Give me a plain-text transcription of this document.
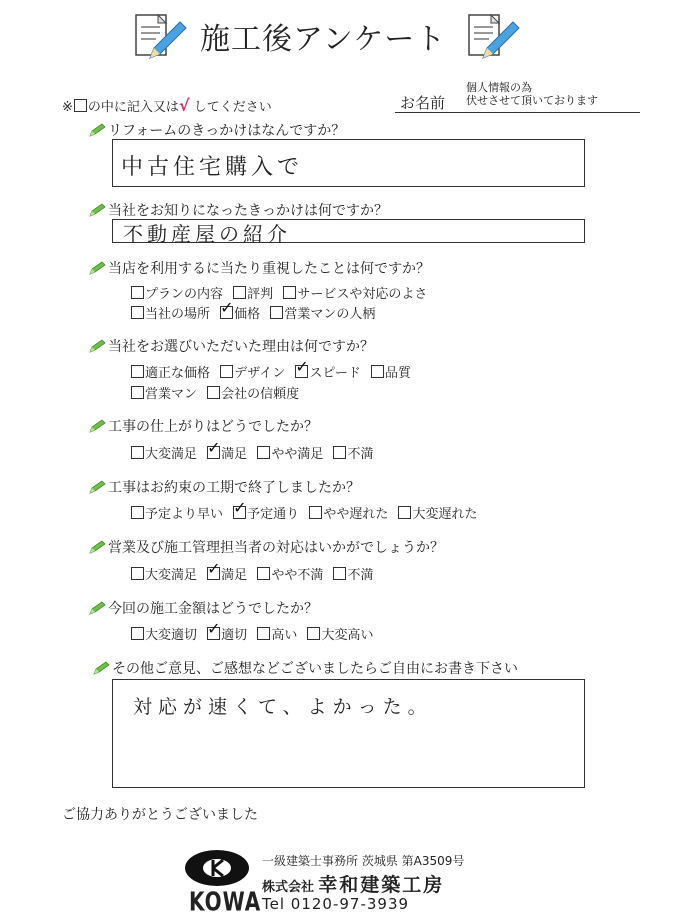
施工後アンケート
※ の中に記入又は√ してください	お名前
個人情報の為
伏せさせて頂いております
リフォームのきっかけはなんですか？
中古住宅購入で
当社をお知りになったきっかけは何ですか？
不動産屋の紹介
当店を利用するに当たり重視したことは何ですか？
プランの内容 評判 サービスや対応のよさ
当社の場所 ✓ 価格 営業マンの人柄
当社をお選びいただいた理由は何ですか？
適正な価格 デザイン ✓ スピード 品質
営業マン 会社の信頼度
工事の仕上がりはどうでしたか？
大変満足 ✓ 満足 やや満足 不満
工事はお約束の工期で終了しましたか？
予定より早い ✓ 予定通り やや遅れた 大変遅れた
営業及び施工管理担当者の対応はいかがでしょうか？
大変満足 ✓ 満足 やや不満 不満
今回の施工金額はどうでしたか？
大変適切 ✓ 適切 高い 大変高い
その他ご意見、ご感想などございましたらご自由にお書き下さい
対応が速くて、よかった。
ご協力ありがとうございました
KOWA
一級建築士事務所 茨城県 第A3509号
株式会社 幸和建築工房
Tel 0120-97-3939
